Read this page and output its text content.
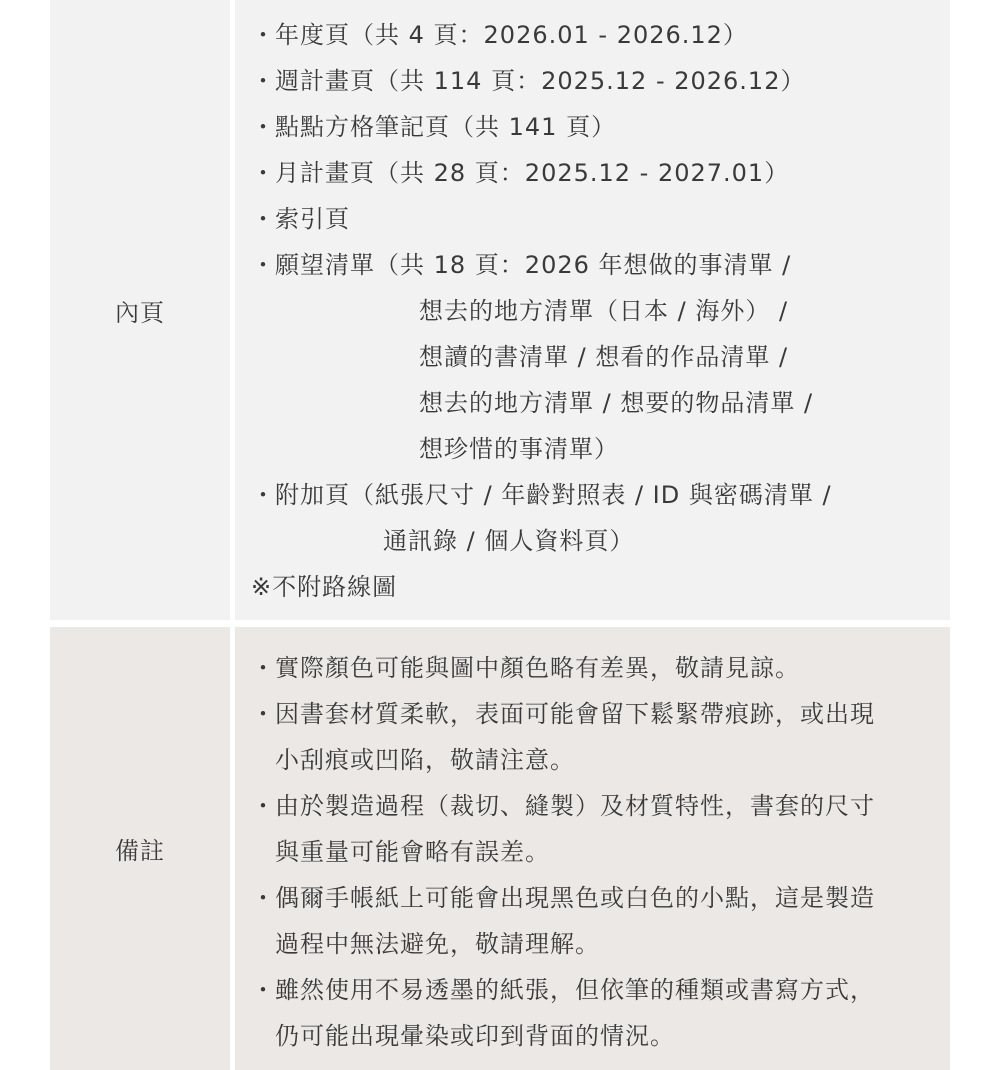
內頁
・年度頁（共 4 頁：2026.01 - 2026.12）
・週計畫頁（共 114 頁：2025.12 - 2026.12）
・點點方格筆記頁（共 141 頁）
・月計畫頁（共 28 頁：2025.12 - 2027.01）
・索引頁
・願望清單（共 18 頁：2026 年想做的事清單 /
想去的地方清單（日本 / 海外） /
想讀的書清單 / 想看的作品清單 /
想去的地方清單 / 想要的物品清單 /
想珍惜的事清單）
・附加頁（紙張尺寸 / 年齡對照表 / ID 與密碼清單 /
通訊錄 / 個人資料頁）
※不附路線圖
備註
・實際顏色可能與圖中顏色略有差異，敬請見諒。
・因書套材質柔軟，表面可能會留下鬆緊帶痕跡，或出現
小刮痕或凹陷，敬請注意。
・由於製造過程（裁切、縫製）及材質特性，書套的尺寸
與重量可能會略有誤差。
・偶爾手帳紙上可能會出現黑色或白色的小點，這是製造
過程中無法避免，敬請理解。
・雖然使用不易透墨的紙張，但依筆的種類或書寫方式，
仍可能出現暈染或印到背面的情況。
